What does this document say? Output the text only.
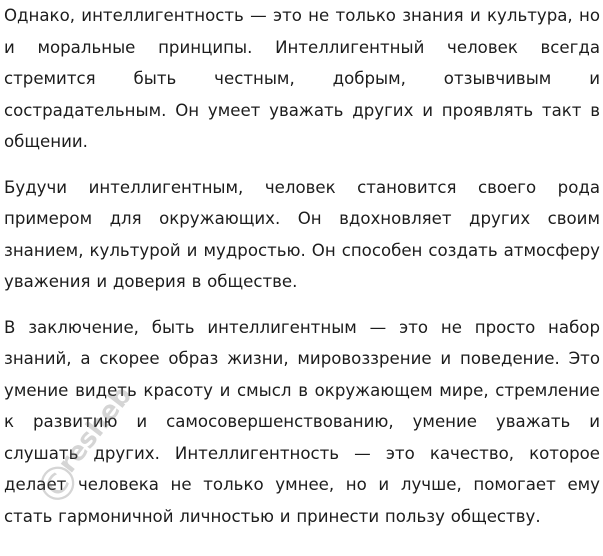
Однако, интеллигентность — это не только знания и культура, но и моральные принципы. Интеллигентный человек всегда стремится быть честным, добрым, отзывчивым и сострадательным. Он умеет уважать других и проявлять такт в общении.

Будучи интеллигентным, человек становится своего рода примером для окружающих. Он вдохновляет других своим знанием, культурой и мудростью. Он способен создать атмосферу уважения и доверия в обществе.

В заключение, быть интеллигентным — это не просто набор знаний, а скорее образ жизни, мировоззрение и поведение. Это умение видеть красоту и смысл в окружающем мире, стремление к развитию и самосовершенствованию, умение уважать и слушать других. Интеллигентность — это качество, которое делает человека не только умнее, но и лучше, помогает ему стать гармоничной личностью и принести пользу обществу.

©
resheba.ru
